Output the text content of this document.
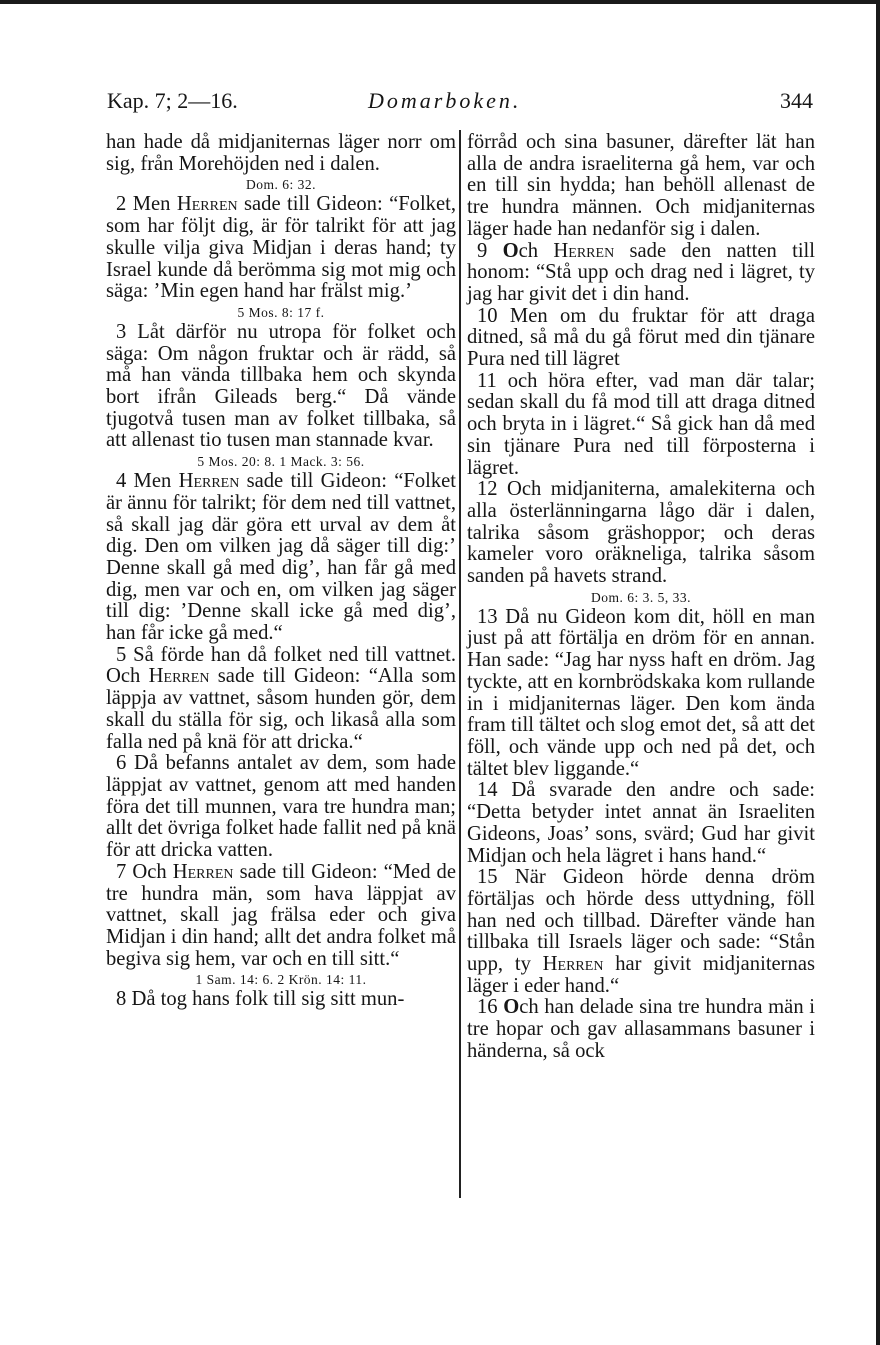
Kap. 7; 2—16.	Domarboken.	344

han hade då midjaniternas läger norr om sig, från Morehöjden ned i dalen.

Dom. 6: 32.

2 Men Herren sade till Gideon: “Folket, som har följt dig, är för talrikt för att jag skulle vilja giva Midjan i deras hand; ty Israel kunde då berömma sig mot mig och säga: ’Min egen hand har frälst mig.’

5 Mos. 8: 17 f.

3 Låt därför nu utropa för folket och säga: Om någon fruktar och är rädd, så må han vända tillbaka hem och skynda bort ifrån Gileads berg.“ Då vände tjugotvå tusen man av folket tillbaka, så att allenast tio tusen man stannade kvar.

5 Mos. 20: 8. 1 Mack. 3: 56.

4 Men Herren sade till Gideon: “Folket är ännu för talrikt; för dem ned till vattnet, så skall jag där göra ett urval av dem åt dig. Den om vilken jag då säger till dig:’ Denne skall gå med dig’, han får gå med dig, men var och en, om vilken jag säger till dig: ’Denne skall icke gå med dig’, han får icke gå med.“

5 Så förde han då folket ned till vattnet. Och Herren sade till Gideon: “Alla som läppja av vattnet, såsom hunden gör, dem skall du ställa för sig, och likaså alla som falla ned på knä för att dricka.“

6 Då befanns antalet av dem, som hade läppjat av vattnet, genom att med handen föra det till munnen, vara tre hundra man; allt det övriga folket hade fallit ned på knä för att dricka vatten.

7 Och Herren sade till Gideon: “Med de tre hundra män, som hava läppjat av vattnet, skall jag frälsa eder och giva Midjan i din hand; allt det andra folket må begiva sig hem, var och en till sitt.“

1 Sam. 14: 6. 2 Krön. 14: 11.

8 Då tog hans folk till sig sitt mun-

förråd och sina basuner, därefter lät han alla de andra israeliterna gå hem, var och en till sin hydda; han behöll allenast de tre hundra männen. Och midjaniternas läger hade han nedanför sig i dalen.

9 Och Herren sade den natten till honom: “Stå upp och drag ned i lägret, ty jag har givit det i din hand.

10 Men om du fruktar för att draga ditned, så må du gå förut med din tjänare Pura ned till lägret

11 och höra efter, vad man där talar; sedan skall du få mod till att draga ditned och bryta in i lägret.“ Så gick han då med sin tjänare Pura ned till förposterna i lägret.

12 Och midjaniterna, amalekiterna och alla österlänningarna lågo där i dalen, talrika såsom gräshoppor; och deras kameler voro oräkneliga, talrika såsom sanden på havets strand.

Dom. 6: 3. 5, 33.

13 Då nu Gideon kom dit, höll en man just på att förtälja en dröm för en annan. Han sade: “Jag har nyss haft en dröm. Jag tyckte, att en kornbrödskaka kom rullande in i midjaniternas läger. Den kom ända fram till tältet och slog emot det, så att det föll, och vände upp och ned på det, och tältet blev liggande.“

14 Då svarade den andre och sade: “Detta betyder intet annat än Israeliten Gideons, Joas’ sons, svärd; Gud har givit Midjan och hela lägret i hans hand.“

15 När Gideon hörde denna dröm förtäljas och hörde dess uttydning, föll han ned och tillbad. Därefter vände han tillbaka till Israels läger och sade: “Stån upp, ty Herren har givit midjaniternas läger i eder hand.“

16 Och han delade sina tre hundra män i tre hopar och gav allasammans basuner i händerna, så ock
